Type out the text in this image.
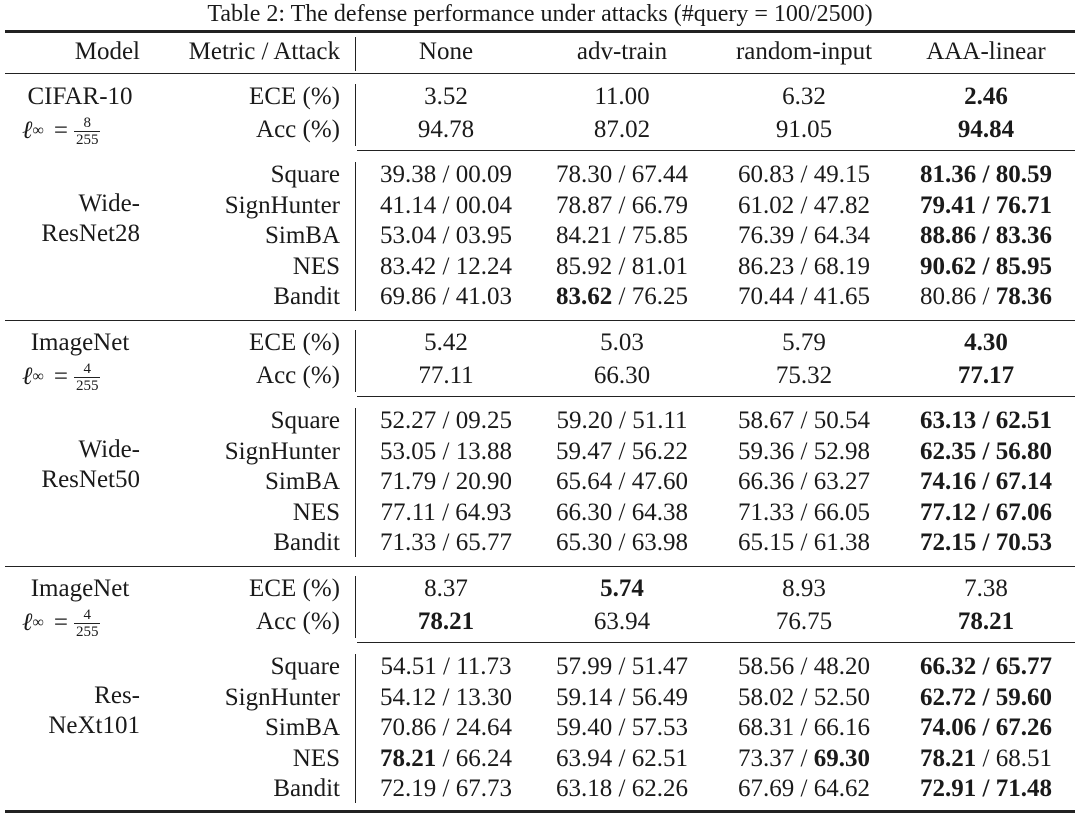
Table 2: The defense performance under attacks (#query = 100/2500)
Model	Metric / Attack	None	adv-train	random-input	AAA-linear
CIFAR-10
ℓ ∞ = $\frac{8}{255}$
Wide-
ResNet28
ECE (%)	3.52	11.00	6.32	2.46
Acc (%)	94.78	87.02	91.05	94.84
Square	39.38 / 00.09	78.30 / 67.44	60.83 / 49.15	81.36 / 80.59
SignHunter	41.14 / 00.04	78.87 / 66.79	61.02 / 47.82	79.41 / 76.71
SimBA	53.04 / 03.95	84.21 / 75.85	76.39 / 64.34	88.86 / 83.36
NES	83.42 / 12.24	85.92 / 81.01	86.23 / 68.19	90.62 / 85.95
Bandit	69.86 / 41.03	83.62 / 76.25	70.44 / 41.65	80.86 / 78.36
ImageNet
ℓ ∞ = $\frac{4}{255}$
Wide-
ResNet50
ECE (%)	5.42	5.03	5.79	4.30
Acc (%)	77.11	66.30	75.32	77.17
Square	52.27 / 09.25	59.20 / 51.11	58.67 / 50.54	63.13 / 62.51
SignHunter	53.05 / 13.88	59.47 / 56.22	59.36 / 52.98	62.35 / 56.80
SimBA	71.79 / 20.90	65.64 / 47.60	66.36 / 63.27	74.16 / 67.14
NES	77.11 / 64.93	66.30 / 64.38	71.33 / 66.05	77.12 / 67.06
Bandit	71.33 / 65.77	65.30 / 63.98	65.15 / 61.38	72.15 / 70.53
ImageNet
ℓ ∞ = $\frac{4}{255}$
Res-
NeXt101
ECE (%)	8.37	5.74	8.93	7.38
Acc (%)	78.21	63.94	76.75	78.21
Square	54.51 / 11.73	57.99 / 51.47	58.56 / 48.20	66.32 / 65.77
SignHunter	54.12 / 13.30	59.14 / 56.49	58.02 / 52.50	62.72 / 59.60
SimBA	70.86 / 24.64	59.40 / 57.53	68.31 / 66.16	74.06 / 67.26
NES	78.21 / 66.24	63.94 / 62.51	73.37 / 69.30	78.21 / 68.51
Bandit	72.19 / 67.73	63.18 / 62.26	67.69 / 64.62	72.91 / 71.48
